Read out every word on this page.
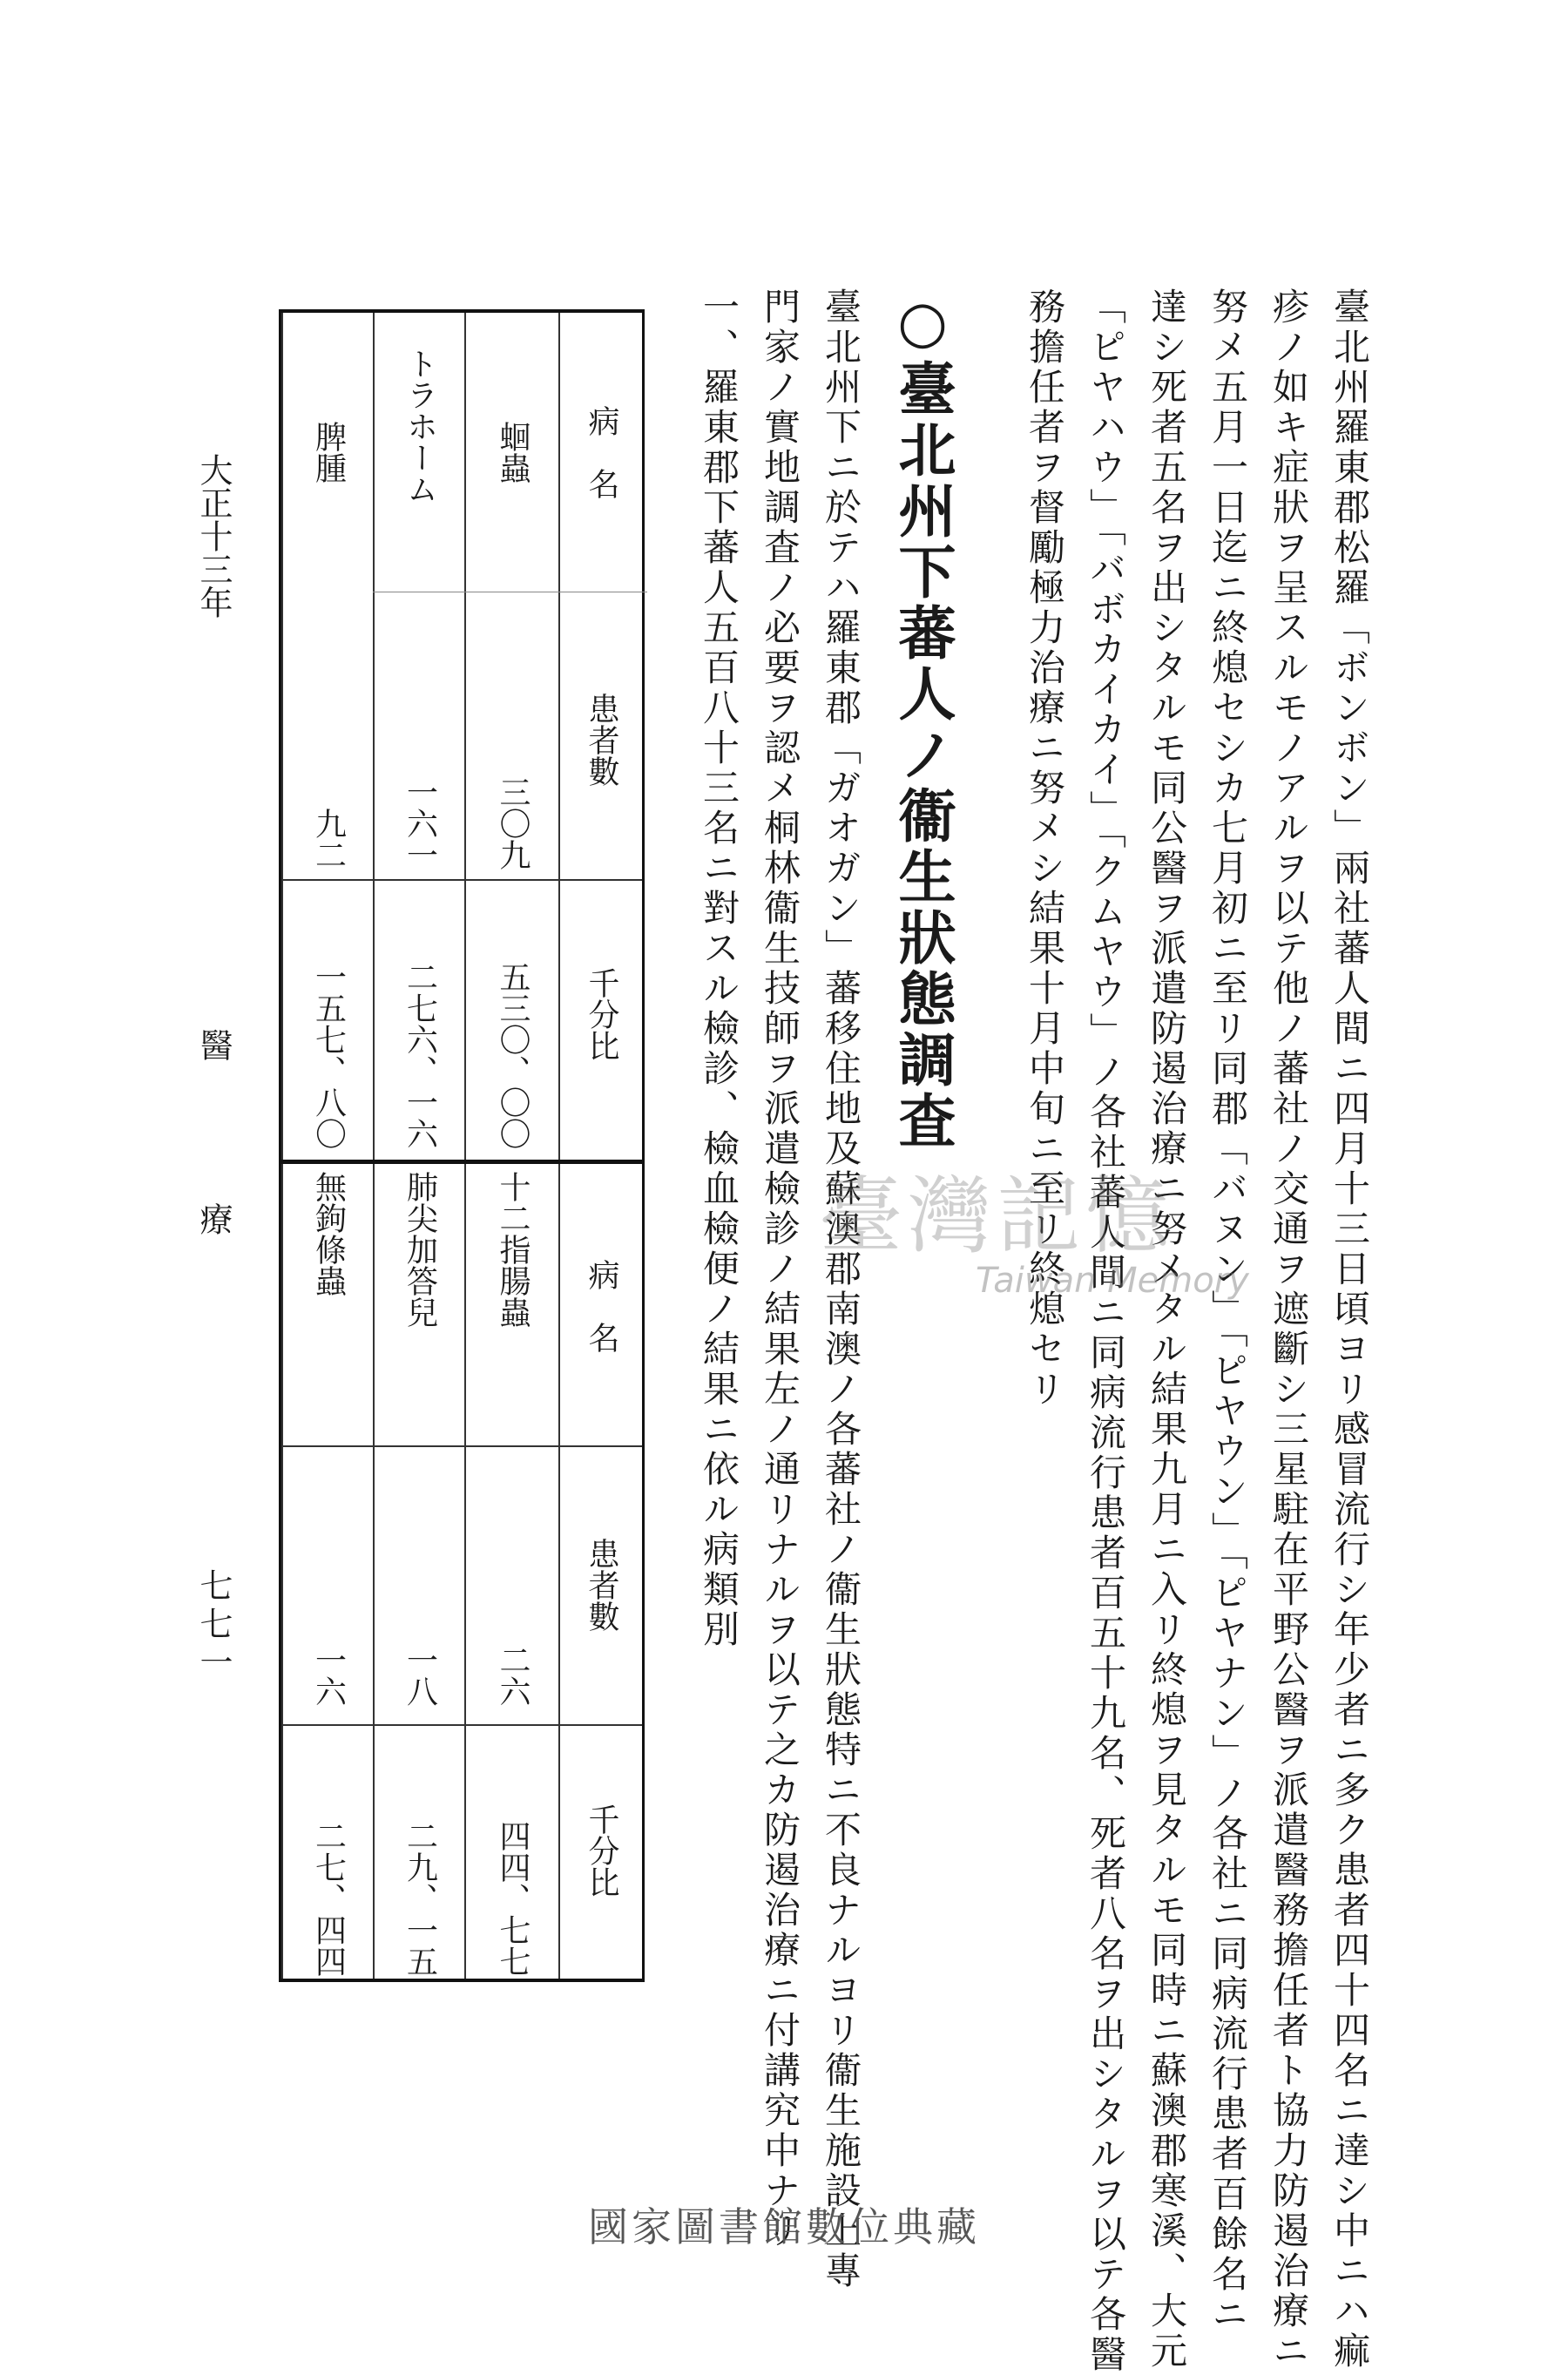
大正十三年
醫
療
七七一	臺北州羅東郡松羅「ボンボン」兩社蕃人間ニ四月十三日頃ヨリ感冒流行シ年少者ニ多ク患者四十四名ニ達シ中ニハ痲
疹ノ如キ症狀ヲ呈スルモノアルヲ以テ他ノ蕃社ノ交通ヲ遮斷シ三星駐在平野公醫ヲ派遣醫務擔任者ト協力防遏治療ニ
努メ五月一日迄ニ終熄セシカ七月初ニ至リ同郡「バヌン」「ピヤウン」「ピヤナン」ノ各社ニ同病流行患者百餘名ニ
達シ死者五名ヲ出シタルモ同公醫ヲ派遣防遏治療ニ努メタル結果九月ニ入リ終熄ヲ見タルモ同時ニ蘇澳郡寒溪、大元
「ピヤハウ」「バボカイカイ」「クムヤウ」ノ各社蕃人間ニ同病流行患者百五十九名、死者八名ヲ出シタルヲ以テ各醫
務擔任者ヲ督勵極力治療ニ努メシ結果十月中旬ニ至リ終熄セリ
○臺北州下蕃人ノ衞生狀態調査
臺北州下ニ於テハ羅東郡「ガオガン」蕃移住地及蘇澳郡南澳ノ各蕃社ノ衞生狀態特ニ不良ナルヨリ衞生施設上專
門家ノ實地調査ノ必要ヲ認メ桐林衞生技師ヲ派遣檢診ノ結果左ノ通リナルヲ以テ之カ防遏治療ニ付講究中ナリ
一、羅東郡下蕃人五百八十三名ニ對スル檢診、檢血檢便ノ結果ニ依ル病類別
病　名
患者數
千分比
病　名
患者數
千分比
蛔蟲
三〇九
五三〇、〇〇
十二指腸蟲
二六
四四、七七
トラホーム
一六一
二七六、一六
肺尖加答兒
一八
二九、一五
脾腫
九二
一五七、八〇
無鉤條蟲
一六
二七、四四
臺灣記憶
Taiwan Memory
國家圖書館數位典藏
